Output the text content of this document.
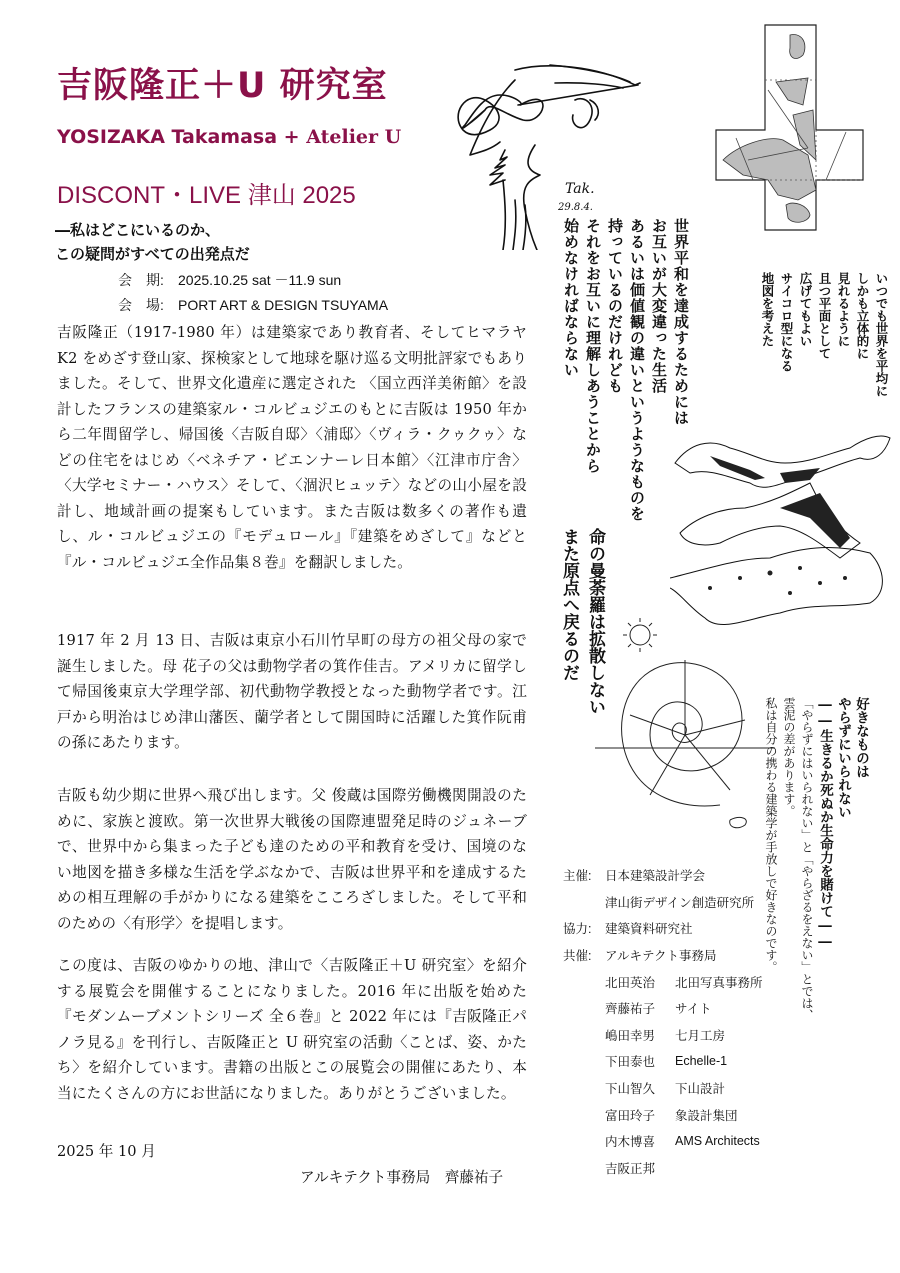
吉阪隆正＋U 研究室
YOSIZAKA Takamasa + Atelier U
DISCONT・LIVE 津山 2025
―私はどこにいるのか、
この疑問がすべての出発点だ
会　期: 2025.10.25 sat －11.9 sun
会　場: PORT ART & DESIGN TSUYAMA
吉阪隆正（1917-1980 年）は建築家であり教育者、そしてヒマラヤ K2 をめざす登山家、探検家として地球を駆け巡る文明批評家でもありました。そして、世界文化遺産に選定された 〈国立西洋美術館〉を設計したフランスの建築家ル・コルビュジエのもとに吉阪は 1950 年から二年間留学し、帰国後〈吉阪自邸〉〈浦邸〉〈ヴィラ・クゥクゥ〉などの住宅をはじめ〈ベネチア・ビエンナーレ日本館〉〈江津市庁舎〉〈大学セミナー・ハウス〉そして、〈涸沢ヒュッテ〉などの山小屋を設計し、地域計画の提案もしています。また吉阪は数多くの著作も遺し、ル・コルビュジエの『モデュロール』『建築をめざして』などと『ル・コルビュジエ全作品集８巻』を翻訳しました。
1917 年 2 月 13 日、吉阪は東京小石川竹早町の母方の祖父母の家で誕生しました。母 花子の父は動物学者の箕作佳吉。アメリカに留学して帰国後東京大学理学部、初代動物学教授となった動物学者です。江戸から明治はじめ津山藩医、蘭学者として開国時に活躍した箕作阮甫の孫にあたります。
吉阪も幼少期に世界へ飛び出します。父 俊蔵は国際労働機関開設のために、家族と渡欧。第一次世界大戦後の国際連盟発足時のジュネーブで、世界中から集まった子ども達のための平和教育を受け、国境のない地図を描き多様な生活を学ぶなかで、吉阪は世界平和を達成するための相互理解の手がかりになる建築をこころざしました。そして平和のための〈有形学〉を提唱します。
この度は、吉阪のゆかりの地、津山で〈吉阪隆正＋U 研究室〉を紹介する展覧会を開催することになりました。2016 年に出版を始めた『モダンムーブメントシリーズ 全６巻』と 2022 年には『吉阪隆正パノラ見る』を刊行し、吉阪隆正と U 研究室の活動〈ことば、姿、かたち〉を紹介しています。書籍の出版とこの展覧会の開催にあたり、本当にたくさんの方にお世話になりました。ありがとうございました。
2025 年 10 月
アルキテクト事務局　齊藤祐子
Tak.
29.8.4.
世界平和を達成するためには
お互いが大変違った生活
あるいは価値観の違いというようなものを
持っているのだけれども
それをお互いに理解しあうことから
始めなければならない	いつでも世界を平均に
しかも立体的に
見れるように
且つ平面として
広げてもよい
サイコロ型になる
地図を考えた
命の曼荼羅は拡散しない
また原点へ戻るのだ
好きなものは
やらずにいられない
――生きるか死ぬか生命力を賭けて――
「やらずにはいられない」と「やらざるをえない」とでは、
雲泥の差があります。
私は自分の携わる建築学が手放しで好きなのです。
主催:	日本建築設計学会
津山街デザイン創造研究所
協力:	建築資料研究社
共催:	アルキテクト事務局
北田英治	北田写真事務所
齊藤祐子	サイト
嶋田幸男	七月工房
下田泰也	Echelle-1
下山智久	下山設計
富田玲子	象設計集団
内木博喜	AMS Architects
吉阪正邦
